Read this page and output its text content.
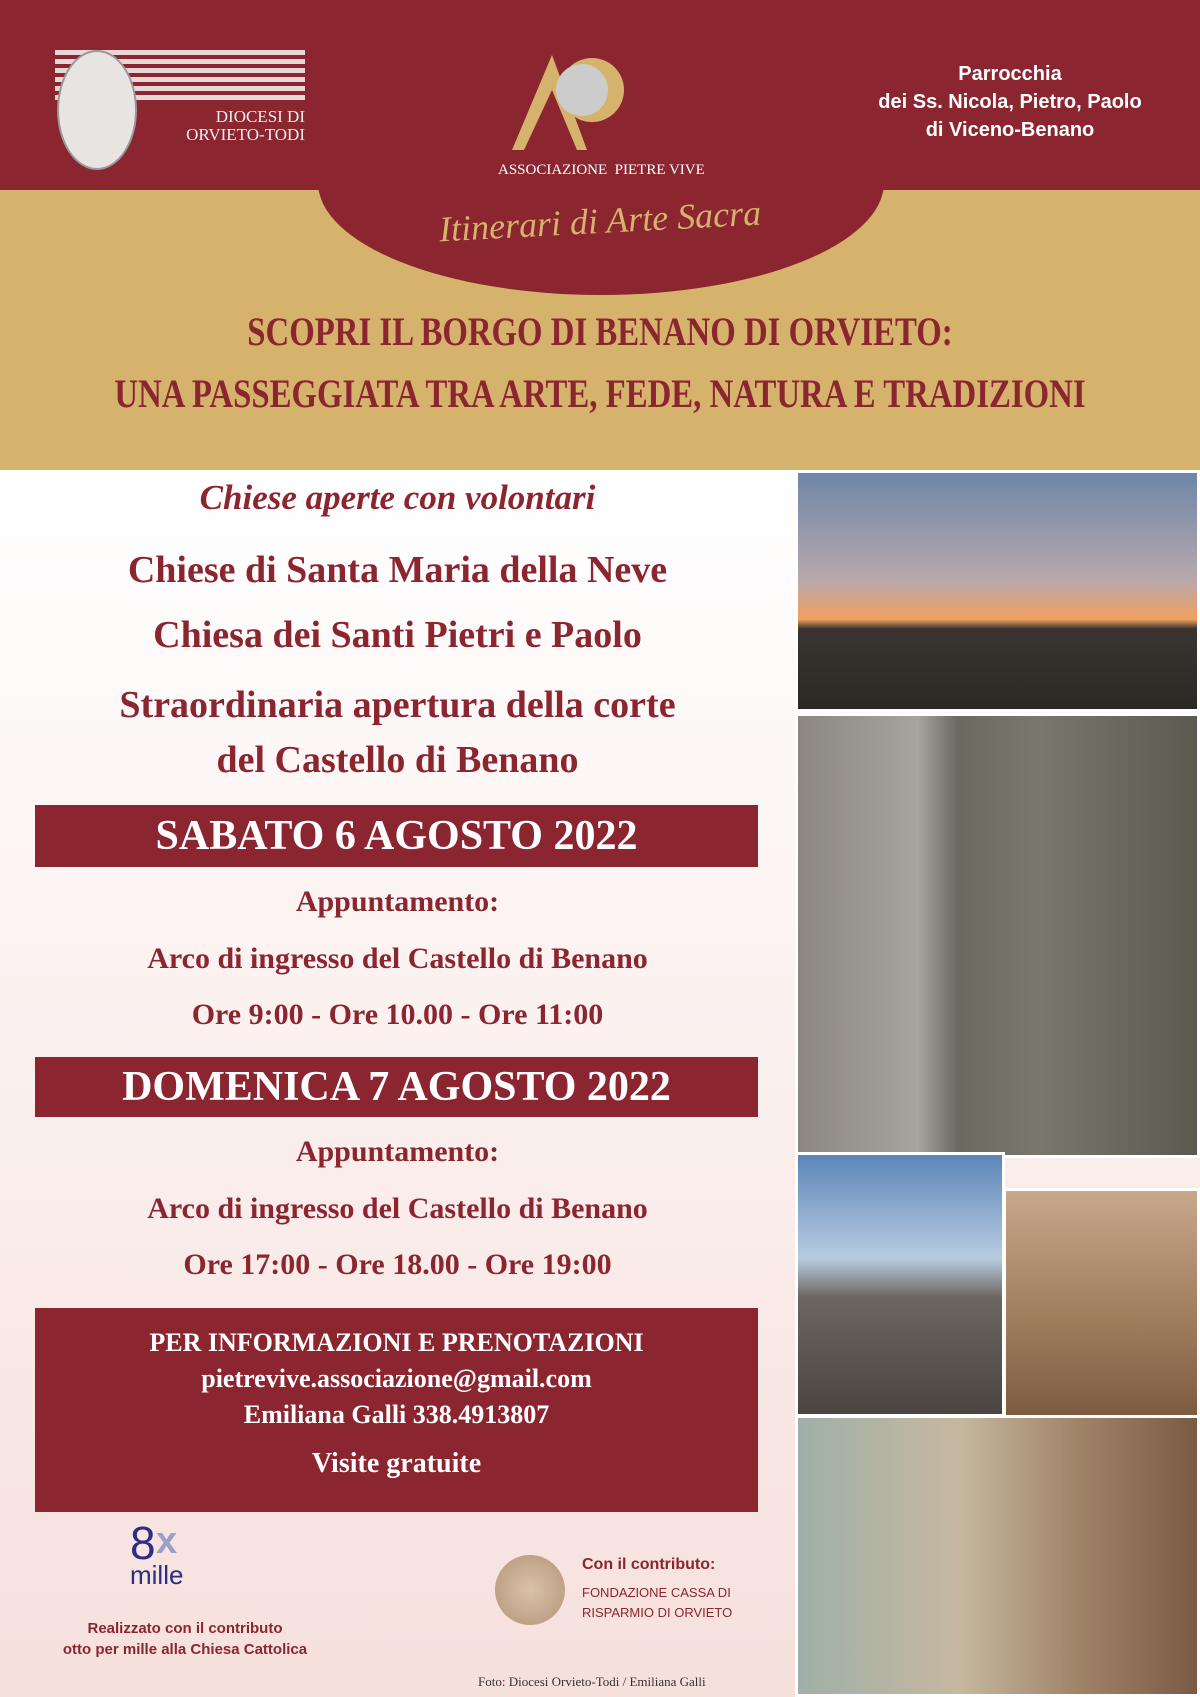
DIOCESI DI
ORVIETO-TODI
ASSOCIAZIONE  PIETRE VIVE
Parrocchia
dei Ss. Nicola, Pietro, Paolo
di Viceno-Benano
Itinerari di Arte Sacra
SCOPRI IL BORGO DI BENANO DI ORVIETO:
UNA PASSEGGIATA TRA ARTE, FEDE, NATURA E TRADIZIONI
Chiese aperte con volontari
Chiese di Santa Maria della Neve
Chiesa dei Santi Pietri e Paolo
Straordinaria apertura della corte
del Castello di Benano
SABATO 6 AGOSTO 2022
Appuntamento:
Arco di ingresso del Castello di Benano
Ore 9:00 - Ore 10.00 - Ore 11:00
DOMENICA 7 AGOSTO 2022
Appuntamento:
Arco di ingresso del Castello di Benano
Ore 17:00 - Ore 18.00 - Ore 19:00
PER INFORMAZIONI E PRENOTAZIONI
pietrevive.associazione@gmail.com
Emiliana Galli 338.4913807
Visite gratuite
8 x
mille
Realizzato con il contributo
otto per mille alla Chiesa Cattolica
Con il contributo:
FONDAZIONE CASSA DI
RISPARMIO DI ORVIETO
Foto: Diocesi Orvieto-Todi / Emiliana Galli
